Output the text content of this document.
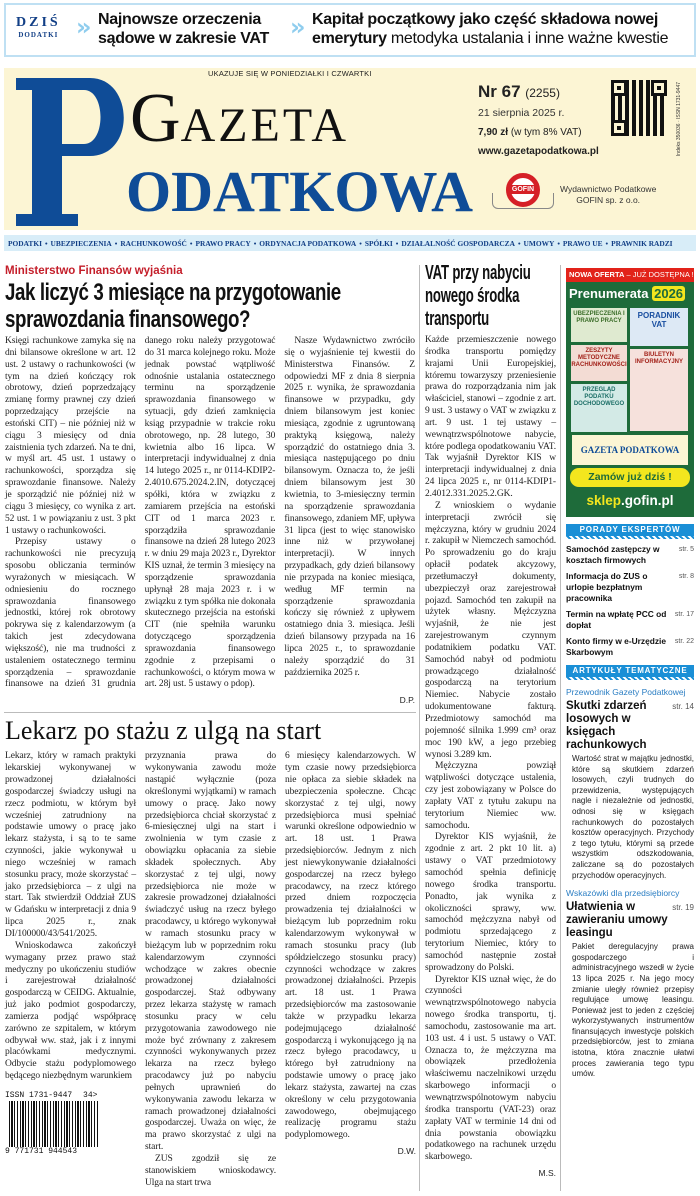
DZIŚ
DODATKI » Najnowsze orzeczenia
sądowe w zakresie VAT » Kapitał początkowy jako część składowa nowej
emerytury metodyka ustalania i inne ważne kwestie
UKAZUJE SIĘ W PONIEDZIAŁKI I CZWARTKI
GAZETA
ODATKOWA
Nr 67 (2255)
21 sierpnia 2025 r.
7,90 zł (w tym 8% VAT)
www.gazetapodatkowa.pl	Indeks 350036 · ISSN 1731-9447
GOFIN	Wydawnictwo Podatkowe
GOFIN sp. z o.o.
PODATKI • UBEZPIECZENIA • RACHUNKOWOŚĆ • PRAWO PRACY • ORDYNACJA PODATKOWA • SPÓŁKI • DZIAŁALNOŚĆ GOSPODARCZA • UMOWY • PRAWO UE • PRAWNIK RADZI
Ministerstwo Finansów wyjaśnia
Jak liczyć 3 miesiące na przygotowanie
sprawozdania finansowego?

Księgi rachunkowe zamyka się na dni bilansowe określone w art. 12 ust. 2 ustawy o rachunkowości (w tym na dzień kończący rok obrotowy, dzień poprzedzający zmianę formy prawnej czy dzień poprzedzający przejście na estoński CIT) – nie później niż w ciągu 3 miesięcy od dnia zaistnienia tych zdarzeń. Na te dni, w myśl art. 45 ust. 1 ustawy o rachunkowości, sporządza się sprawozdanie finansowe. Należy je sporządzić nie później niż w ciągu 3 miesięcy, co wynika z art. 52 ust. 1 w powiązaniu z ust. 3 pkt 1 ustawy o rachunkowości.

Przepisy ustawy o rachunkowości nie precyzują sposobu obliczania terminów wyrażonych w miesiącach. W odniesieniu do rocznego sprawozdania finansowego jednostki, której rok obrotowy pokrywa się z kalendarzowym (a takich jest zdecydowana większość), nie ma trudności z ustaleniem ostatecznego terminu sporządzenia – sprawozdanie finansowe na dzień 31 grudnia danego roku należy przygotować do 31 marca kolejnego roku. Może jednak powstać wątpliwość odnośnie ustalania ostatecznego terminu na sporządzenie sprawozdania finansowego w sytuacji, gdy dzień zamknięcia ksiąg przypadnie w trakcie roku obrotowego, np. 28 lutego, 30 kwietnia albo 16 lipca. W interpretacji indywidualnej z dnia 14 lutego 2025 r., nr 0114-KDIP2-2.4010.675.2024.2.IN, dotyczącej spółki, która w związku z zamiarem przejścia na estoński CIT od 1 marca 2023 r. sporządziła sprawozdanie finansowe na dzień 28 lutego 2023 r. w dniu 29 maja 2023 r., Dyrektor KIS uznał, że termin 3 miesięcy na sporządzenie sprawozdania upłynął 28 maja 2023 r. i w związku z tym spółka nie dokonała skutecznego przejścia na estoński CIT (nie spełniła warunku dotyczącego sporządzenia sprawozdania finansowego zgodnie z przepisami o rachunkowości, o którym mowa w art. 28j ust. 5 ustawy o pdop).

Nasze Wydawnictwo zwróciło się o wyjaśnienie tej kwestii do Ministerstwa Finansów. Z odpowiedzi MF z dnia 8 sierpnia 2025 r. wynika, że sprawozdania finansowe w przypadku, gdy dniem bilansowym jest koniec miesiąca, zgodnie z ugruntowaną praktyką księgową, należy sporządzić do ostatniego dnia 3. miesiąca następującego po dniu bilansowym. Oznacza to, że jeśli dniem bilansowym jest 30 kwietnia, to 3-miesięczny termin na sporządzenie sprawozdania finansowego, zdaniem MF, upływa 31 lipca (jest to więc stanowisko inne niż w przywołanej interpretacji). W innych przypadkach, gdy dzień bilansowy nie przypada na koniec miesiąca, według MF termin na sporządzenie sprawozdania kończy się również z upływem ostatniego dnia 3. miesiąca. Jeśli dzień bilansowy przypada na 16 lipca 2025 r., to sprawozdanie należy sporządzić do 31 października 2025 r.

D.P.
Lekarz po stażu z ulgą na start

Lekarz, który w ramach praktyki lekarskiej wykonywanej w prowadzonej działalności gospodarczej świadczy usługi na rzecz podmiotu, w którym był wcześniej zatrudniony na podstawie umowy o pracę jako lekarz stażysta, i są to te same czynności, jakie wykonywał u niego wcześniej w ramach stosunku pracy, może skorzystać – jako przedsiębiorca – z ulgi na start. Tak stwierdził Oddział ZUS w Gdańsku w interpretacji z dnia 9 lipca 2025 r., znak DI/100000/43/541/2025.

Wnioskodawca zakończył wymagany przez prawo staż medyczny po ukończeniu studiów i zarejestrował działalność gospodarczą w CEIDG. Aktualnie, już jako podmiot gospodarczy, zamierza podjąć współpracę zarówno ze szpitalem, w którym odbywał ww. staż, jak i z innymi placówkami medycznymi. Odbycie stażu podyplomowego będącego niezbędnym warunkiem

ISSN 1731-9447 34>
9 771731 944543

przyznania prawa do wykonywania zawodu może nastąpić wyłącznie (poza określonymi wyjątkami) w ramach umowy o pracę. Jako nowy przedsiębiorca chciał skorzystać z 6-miesięcznej ulgi na start i zwolnienia w tym czasie z obowiązku opłacania za siebie składek społecznych. Aby skorzystać z tej ulgi, nowy przedsiębiorca nie może w zakresie prowadzonej działalności świadczyć usług na rzecz byłego pracodawcy, u którego wykonywał w ramach stosunku pracy w bieżącym lub w poprzednim roku kalendarzowym czynności wchodzące w zakres obecnie prowadzonej działalności gospodarczej. Staż odbywany przez lekarza stażystę w ramach stosunku pracy w celu przygotowania zawodowego nie może być zrównany z zakresem czynności wykonywanych przez lekarza na rzecz byłego pracodawcy już po nabyciu pełnych uprawnień do wykonywania zawodu lekarza w ramach prowadzonej działalności gospodarczej. Uważa on więc, że ma prawo skorzystać z ulgi na start.

ZUS zgodził się ze stanowiskiem wnioskodawcy. Ulga na start trwa

6 miesięcy kalendarzowych. W tym czasie nowy przedsiębiorca nie opłaca za siebie składek na ubezpieczenia społeczne. Chcąc skorzystać z tej ulgi, nowy przedsiębiorca musi spełniać warunki określone odpowiednio w art. 18 ust. 1 Prawa przedsiębiorców. Jednym z nich jest niewykonywanie działalności gospodarczej na rzecz byłego pracodawcy, na rzecz którego przed dniem rozpoczęcia prowadzenia tej działalności w bieżącym lub poprzednim roku kalendarzowym wykonywał w ramach stosunku pracy (lub spółdzielczego stosunku pracy) czynności wchodzące w zakres prowadzonej działalności. Przepis art. 18 ust. 1 Prawa przedsiębiorców ma zastosowanie także w przypadku lekarza podejmującego działalność gospodarczą i wykonującego ją na rzecz byłego pracodawcy, u którego był zatrudniony na podstawie umowy o pracę jako lekarz stażysta, zawartej na czas określony w celu przygotowania zawodowego, obejmującego realizację programu stażu podyplomowego.

D.W.
VAT przy nabyciu nowego środka transportu

Każde przemieszczenie nowego środka transportu pomiędzy krajami Unii Europejskiej, któremu towarzyszy przeniesienie prawa do rozporządzania nim jak właściciel, stanowi – zgodnie z art. 9 ust. 3 ustawy o VAT w związku z art. 9 ust. 1 tej ustawy – wewnątrzwspólnotowe nabycie, które podlega opodatkowaniu VAT. Tak wyjaśnił Dyrektor KIS w interpretacji indywidualnej z dnia 24 lipca 2025 r., nr 0114-KDIP1-2.4012.331.2025.2.GK.

Z wnioskiem o wydanie interpretacji zwrócił się mężczyzna, który w grudniu 2024 r. zakupił w Niemczech samochód. Po sprowadzeniu go do kraju opłacił podatek akcyzowy, przetłumaczył dokumenty, ubezpieczył oraz zarejestrował pojazd. Samochód ten zakupił na użytek własny. Mężczyzna wyjaśnił, że nie jest zarejestrowanym czynnym podatnikiem podatku VAT. Samochód nabył od podmiotu prowadzącego działalność gospodarczą na terytorium Niemiec. Nabycie zostało udokumentowane fakturą. Przedmiotowy samochód ma pojemność silnika 1.999 cm³ oraz moc 190 kW, a jego przebieg wynosi 3.289 km.

Mężczyzna powziął wątpliwości dotyczące ustalenia, czy jest zobowiązany w Polsce do zapłaty VAT z tytułu zakupu na terytorium Niemiec ww. samochodu.

Dyrektor KIS wyjaśnił, że zgodnie z art. 2 pkt 10 lit. a) ustawy o VAT przedmiotowy samochód spełnia definicję nowego środka transportu. Ponadto, jak wynika z okoliczności sprawy, ww. samochód mężczyzna nabył od podmiotu sprzedającego z terytorium Niemiec, który to samochód następnie został sprowadzony do Polski.

Dyrektor KIS uznał więc, że do czynności wewnątrzwspólnotowego nabycia nowego środka transportu, tj. samochodu, zastosowanie ma art. 103 ust. 4 i ust. 5 ustawy o VAT. Oznacza to, że mężczyzna ma obowiązek przedłożenia właściwemu naczelnikowi urzędu skarbowego informacji o wewnątrzwspólnotowym nabyciu środka transportu (VAT-23) oraz zapłaty VAT w terminie 14 dni od dnia powstania obowiązku podatkowego na rachunek urzędu skarbowego.

M.S.
NOWA OFERTA – JUŻ DOSTĘPNA !
Prenumerata 2026
UBEZPIECZENIA I PRAWO PRACY
PORADNIK VAT
ZESZYTY METODYCZNE RACHUNKOWOŚCI
BIULETYN INFORMACYJNY
PRZEGLĄD PODATKU DOCHODOWEGO
GAZETA PODATKOWA
Zamów już dziś !
sklep.gofin.pl
PORADY EKSPERTÓW
Samochód zastępczy w kosztach firmowych
str. 5
Informacja do ZUS o urlopie bezpłatnym pracownika
str. 8
Termin na wpłatę PCC od dopłat
str. 17
Konto firmy w e-Urzędzie Skarbowym
str. 22
ARTYKUŁY TEMATYCZNE
Przewodnik Gazety Podatkowej
Skutki zdarzeń losowych w księgach rachunkowych
str. 14
Wartość strat w majątku jednostki, które są skutkiem zdarzeń losowych, czyli trudnych do przewidzenia, występujących nagle i niezależnie od jednostki, odnosi się w księgach rachunkowych do pozostałych kosztów operacyjnych. Przychody z tego tytułu, którymi są przede wszystkim odszkodowania, zaliczane są do pozostałych przychodów operacyjnych.
Wskazówki dla przedsiębiorcy
Ułatwienia w zawieraniu umowy leasingu
str. 19
Pakiet deregulacyjny prawa gospodarczego i administracyjnego wszedł w życie 13 lipca 2025 r. Na jego mocy zmianie uległy również przepisy regulujące umowę leasingu. Ponieważ jest to jeden z częściej wykorzystywanych instrumentów finansujących inwestycje polskich przedsiębiorców, jest to zmiana istotna, która znacznie ułatwi proces zawierania tego typu umów.
